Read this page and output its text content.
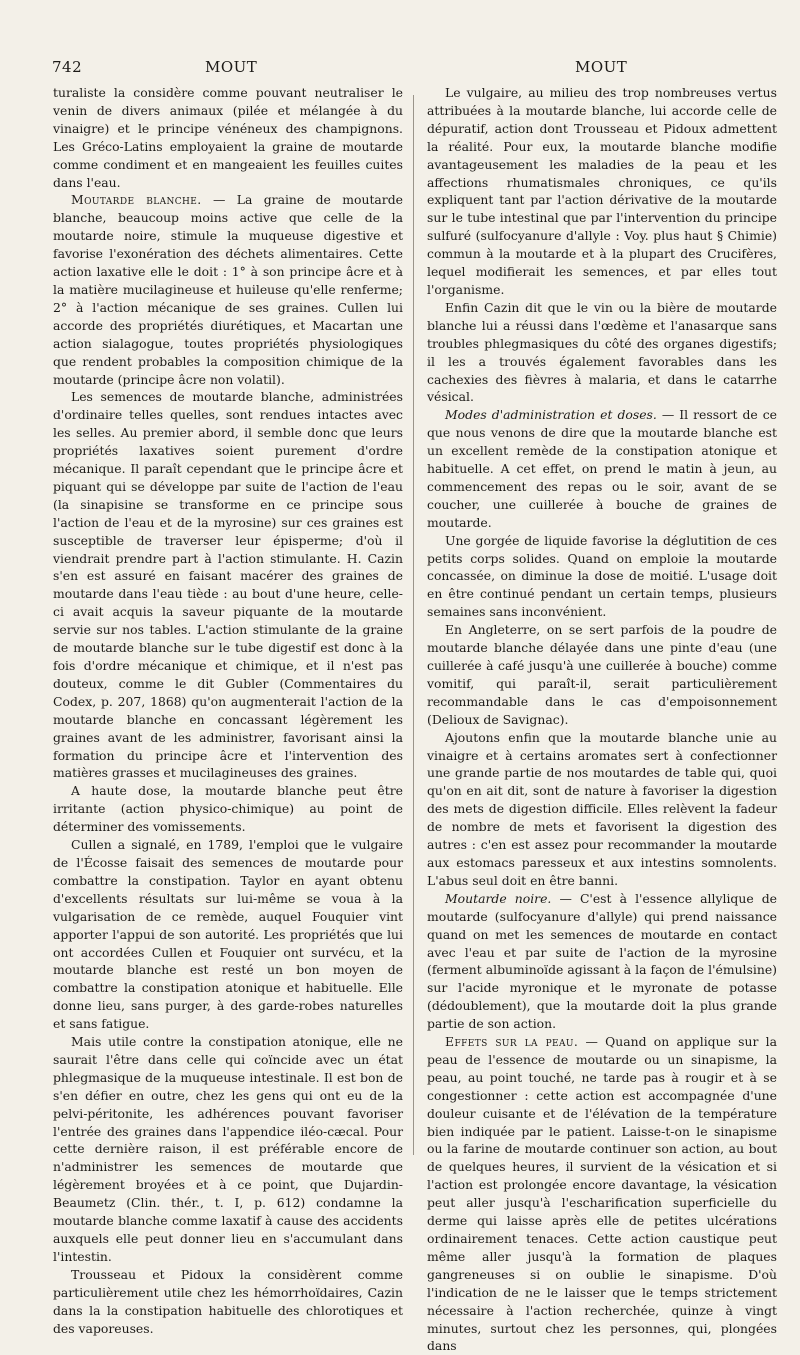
742	MOUT	MOUT

turaliste la considère comme pouvant neutraliser le venin de divers animaux (pilée et mélangée à du vinaigre) et le principe vénéneux des champignons. Les Gréco-Latins employaient la graine de moutarde comme condiment et en mangeaient les feuilles cuites dans l'eau.

Moutarde blanche. — La graine de moutarde blanche, beaucoup moins active que celle de la moutarde noire, stimule la muqueuse digestive et favorise l'exonération des déchets alimentaires. Cette action laxative elle le doit : 1° à son principe âcre et à la matière mucilagineuse et huileuse qu'elle renferme; 2° à l'action mécanique de ses graines. Cullen lui accorde des propriétés diurétiques, et Macartan une action sialagogue, toutes propriétés physiologiques que rendent probables la composition chimique de la moutarde (principe âcre non volatil).

Les semences de moutarde blanche, administrées d'ordinaire telles quelles, sont rendues intactes avec les selles. Au premier abord, il semble donc que leurs propriétés laxatives soient purement d'ordre mécanique. Il paraît cependant que le principe âcre et piquant qui se développe par suite de l'action de l'eau (la sinapisine se transforme en ce principe sous l'action de l'eau et de la myrosine) sur ces graines est susceptible de traverser leur épisperme; d'où il viendrait prendre part à l'action stimulante. H. Cazin s'en est assuré en faisant macérer des graines de moutarde dans l'eau tiède : au bout d'une heure, celle-ci avait acquis la saveur piquante de la moutarde servie sur nos tables. L'action stimulante de la graine de moutarde blanche sur le tube digestif est donc à la fois d'ordre mécanique et chimique, et il n'est pas douteux, comme le dit Gubler (Commentaires du Codex, p. 207, 1868) qu'on augmenterait l'action de la moutarde blanche en concassant légèrement les graines avant de les administrer, favorisant ainsi la formation du principe âcre et l'intervention des matières grasses et mucilagineuses des graines.

A haute dose, la moutarde blanche peut être irritante (action physico-chimique) au point de déterminer des vomissements.

Cullen a signalé, en 1789, l'emploi que le vulgaire de l'Écosse faisait des semences de moutarde pour combattre la constipation. Taylor en ayant obtenu d'excellents résultats sur lui-même se voua à la vulgarisation de ce remède, auquel Fouquier vint apporter l'appui de son autorité. Les propriétés que lui ont accordées Cullen et Fouquier ont survécu, et la moutarde blanche est resté un bon moyen de combattre la constipation atonique et habituelle. Elle donne lieu, sans purger, à des garde-robes naturelles et sans fatigue.

Mais utile contre la constipation atonique, elle ne saurait l'être dans celle qui coïncide avec un état phlegmasique de la muqueuse intestinale. Il est bon de s'en défier en outre, chez les gens qui ont eu de la pelvi-péritonite, les adhérences pouvant favoriser l'entrée des graines dans l'appendice iléo-cæcal. Pour cette dernière raison, il est préférable encore de n'administrer les semences de moutarde que légèrement broyées et à ce point, que Dujardin-Beaumetz (Clin. thér., t. I, p. 612) condamne la moutarde blanche comme laxatif à cause des accidents auxquels elle peut donner lieu en s'accumulant dans l'intestin.

Trousseau et Pidoux la considèrent comme particulièrement utile chez les hémorrhoïdaires, Cazin dans la la constipation habituelle des chlorotiques et des vaporeuses.

Le vulgaire, au milieu des trop nombreuses vertus attribuées à la moutarde blanche, lui accorde celle de dépuratif, action dont Trousseau et Pidoux admettent la réalité. Pour eux, la moutarde blanche modifie avantageusement les maladies de la peau et les affections rhumatismales chroniques, ce qu'ils expliquent tant par l'action dérivative de la moutarde sur le tube intestinal que par l'intervention du principe sulfuré (sulfocyanure d'allyle : Voy. plus haut § Chimie) commun à la moutarde et à la plupart des Crucifères, lequel modifierait les semences, et par elles tout l'organisme.

Enfin Cazin dit que le vin ou la bière de moutarde blanche lui a réussi dans l'œdème et l'anasarque sans troubles phlegmasiques du côté des organes digestifs; il les a trouvés également favorables dans les cachexies des fièvres à malaria, et dans le catarrhe vésical.

Modes d'administration et doses. — Il ressort de ce que nous venons de dire que la moutarde blanche est un excellent remède de la constipation atonique et habituelle. A cet effet, on prend le matin à jeun, au commencement des repas ou le soir, avant de se coucher, une cuillerée à bouche de graines de moutarde.

Une gorgée de liquide favorise la déglutition de ces petits corps solides. Quand on emploie la moutarde concassée, on diminue la dose de moitié. L'usage doit en être continué pendant un certain temps, plusieurs semaines sans inconvénient.

En Angleterre, on se sert parfois de la poudre de moutarde blanche délayée dans une pinte d'eau (une cuillerée à café jusqu'à une cuillerée à bouche) comme vomitif, qui paraît-il, serait particulièrement recommandable dans le cas d'empoisonnement (Delioux de Savignac).

Ajoutons enfin que la moutarde blanche unie au vinaigre et à certains aromates sert à confectionner une grande partie de nos moutardes de table qui, quoi qu'on en ait dit, sont de nature à favoriser la digestion des mets de digestion difficile. Elles relèvent la fadeur de nombre de mets et favorisent la digestion des autres : c'en est assez pour recommander la moutarde aux estomacs paresseux et aux intestins somnolents. L'abus seul doit en être banni.

Moutarde noire. — C'est à l'essence allylique de moutarde (sulfocyanure d'allyle) qui prend naissance quand on met les semences de moutarde en contact avec l'eau et par suite de l'action de la myrosine (ferment albuminoïde agissant à la façon de l'émulsine) sur l'acide myronique et le myronate de potasse (dédoublement), que la moutarde doit la plus grande partie de son action.

Effets sur la peau. — Quand on applique sur la peau de l'essence de moutarde ou un sinapisme, la peau, au point touché, ne tarde pas à rougir et à se congestionner : cette action est accompagnée d'une douleur cuisante et de l'élévation de la température bien indiquée par le patient. Laisse-t-on le sinapisme ou la farine de moutarde continuer son action, au bout de quelques heures, il survient de la vésication et si l'action est prolongée encore davantage, la vésication peut aller jusqu'à l'escharification superficielle du derme qui laisse après elle de petites ulcérations ordinairement tenaces. Cette action caustique peut même aller jusqu'à la formation de plaques gangreneuses si on oublie le sinapisme. D'où l'indication de ne le laisser que le temps strictement nécessaire à l'action recherchée, quinze à vingt minutes, surtout chez les personnes, qui, plongées dans
